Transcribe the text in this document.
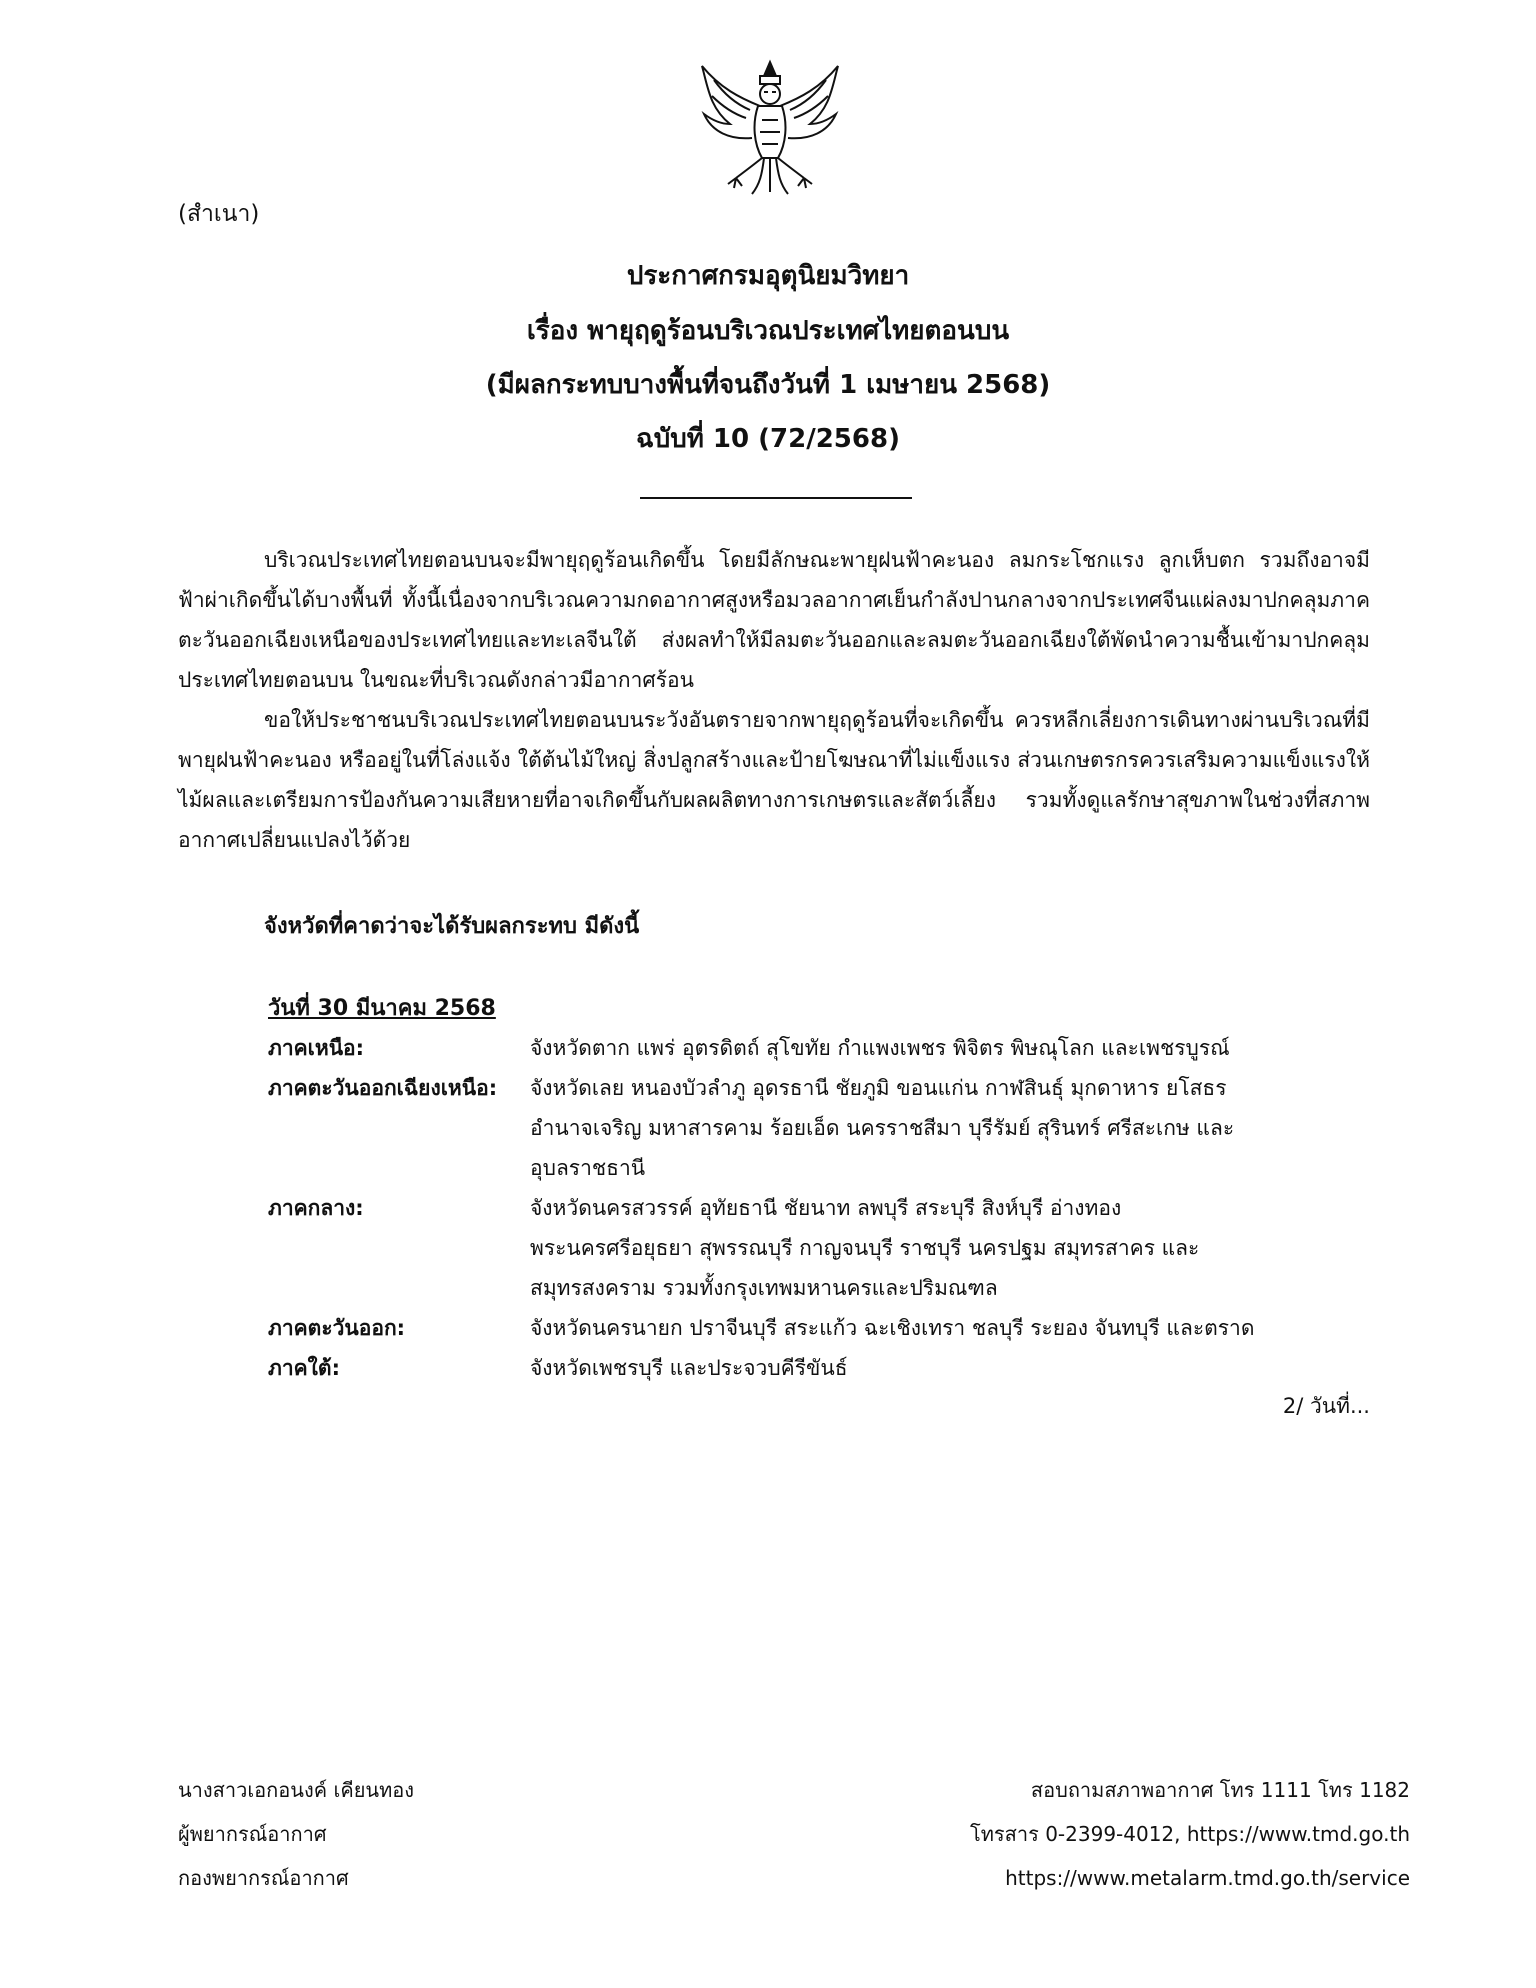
(สำเนา)
ประกาศกรมอุตุนิยมวิทยา
เรื่อง พายุฤดูร้อนบริเวณประเทศไทยตอนบน
(มีผลกระทบบางพื้นที่จนถึงวันที่ 1 เมษายน 2568)
ฉบับที่ 10 (72/2568)

บริเวณประเทศไทยตอนบนจะมีพายุฤดูร้อนเกิดขึ้น โดยมีลักษณะพายุฝนฟ้าคะนอง ลมกระโชกแรง ลูกเห็บตก รวมถึงอาจมีฟ้าผ่าเกิดขึ้นได้บางพื้นที่ ทั้งนี้เนื่องจากบริเวณความกดอากาศสูงหรือมวลอากาศเย็นกำลังปานกลางจากประเทศจีนแผ่ลงมาปกคลุมภาคตะวันออกเฉียงเหนือของประเทศไทยและทะเลจีนใต้ ส่งผลทำให้มีลมตะวันออกและลมตะวันออกเฉียงใต้พัดนำความชื้นเข้ามาปกคลุมประเทศไทยตอนบน ในขณะที่บริเวณดังกล่าวมีอากาศร้อน

ขอให้ประชาชนบริเวณประเทศไทยตอนบนระวังอันตรายจากพายุฤดูร้อนที่จะเกิดขึ้น ควรหลีกเลี่ยงการเดินทางผ่านบริเวณที่มีพายุฝนฟ้าคะนอง หรืออยู่ในที่โล่งแจ้ง ใต้ต้นไม้ใหญ่ สิ่งปลูกสร้างและป้ายโฆษณาที่ไม่แข็งแรง ส่วนเกษตรกรควรเสริมความแข็งแรงให้ไม้ผลและเตรียมการป้องกันความเสียหายที่อาจเกิดขึ้นกับผลผลิตทางการเกษตรและสัตว์เลี้ยง รวมทั้งดูแลรักษาสุขภาพในช่วงที่สภาพอากาศเปลี่ยนแปลงไว้ด้วย

จังหวัดที่คาดว่าจะได้รับผลกระทบ มีดังนี้
วันที่ 30 มีนาคม 2568
ภาคเหนือ:	จังหวัดตาก แพร่ อุตรดิตถ์ สุโขทัย กำแพงเพชร พิจิตร พิษณุโลก และเพชรบูรณ์
ภาคตะวันออกเฉียงเหนือ:	จังหวัดเลย หนองบัวลำภู อุดรธานี ชัยภูมิ ขอนแก่น กาฬสินธุ์ มุกดาหาร ยโสธร อำนาจเจริญ มหาสารคาม ร้อยเอ็ด นครราชสีมา บุรีรัมย์ สุรินทร์ ศรีสะเกษ และอุบลราชธานี
ภาคกลาง:	จังหวัดนครสวรรค์ อุทัยธานี ชัยนาท ลพบุรี สระบุรี สิงห์บุรี อ่างทอง พระนครศรีอยุธยา สุพรรณบุรี กาญจนบุรี ราชบุรี นครปฐม สมุทรสาคร และสมุทรสงคราม รวมทั้งกรุงเทพมหานครและปริมณฑล
ภาคตะวันออก:	จังหวัดนครนายก ปราจีนบุรี สระแก้ว ฉะเชิงเทรา ชลบุรี ระยอง จันทบุรี และตราด
ภาคใต้:	จังหวัดเพชรบุรี และประจวบคีรีขันธ์
2/ วันที่...
นางสาวเอกอนงค์ เคียนทอง
ผู้พยากรณ์อากาศ
กองพยากรณ์อากาศ
สอบถามสภาพอากาศ โทร 1111 โทร 1182
โทรสาร 0-2399-4012, https://www.tmd.go.th
https://www.metalarm.tmd.go.th/service
